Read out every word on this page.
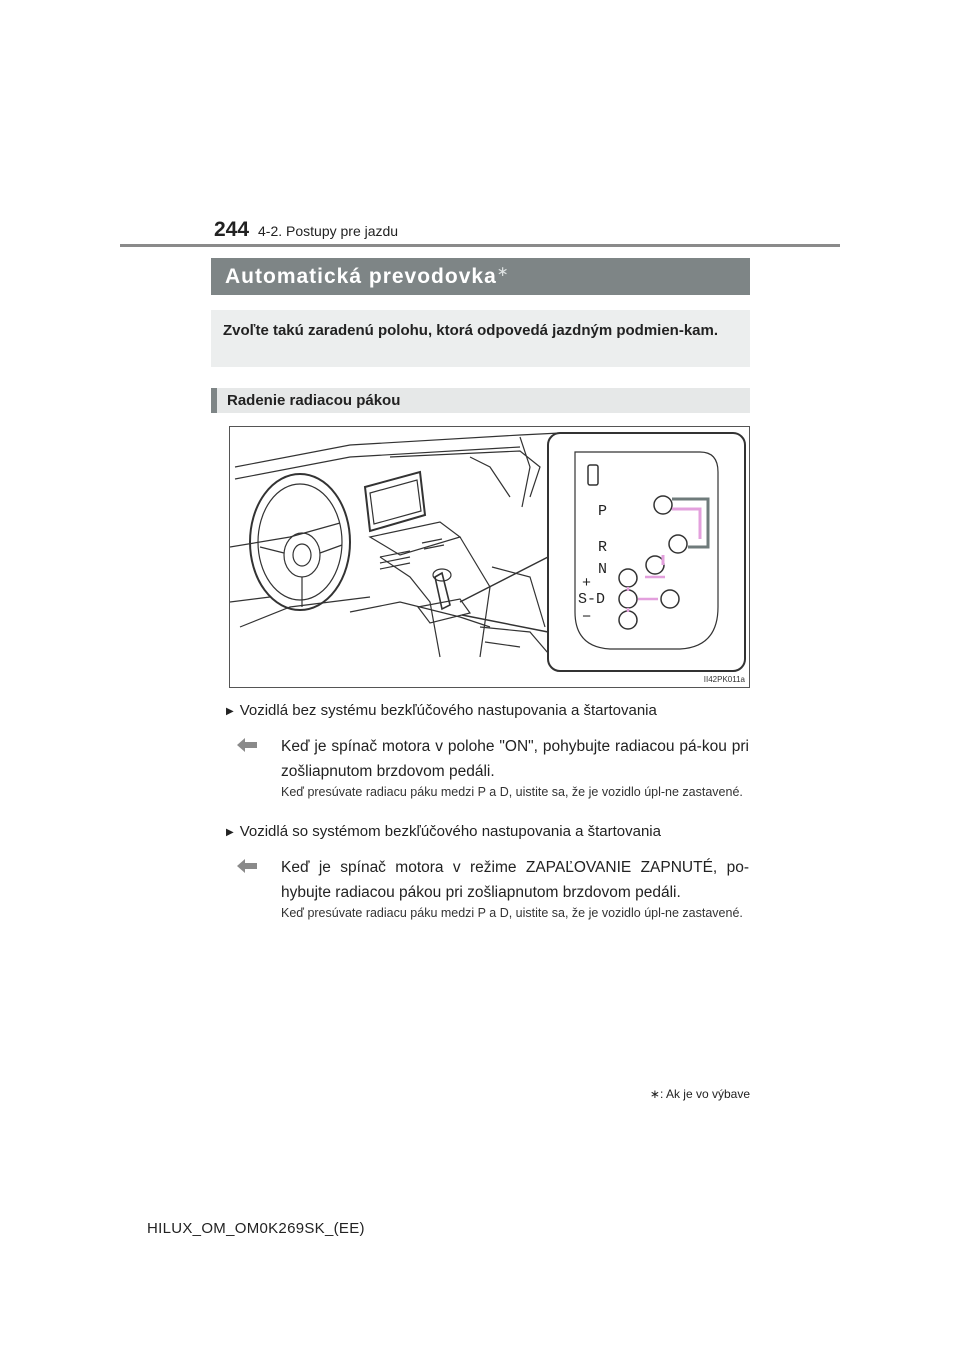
244 4-2. Postupy pre jazdu
Automatická prevodovka ∗
Zvoľte takú zaradenú polohu, ktorá odpovedá jazdným podmien-kam.
Radenie radiacou pákou
P
R
N
+
S-D
−
II42PK011a
▶ Vozidlá bez systému bezkľúčového nastupovania a štartovania
Keď je spínač motora v polohe "ON", pohybujte radiacou pá-kou pri zošliapnutom brzdovom pedáli.
Keď presúvate radiacu páku medzi P a D, uistite sa, že je vozidlo úpl-ne zastavené.
▶ Vozidlá so systémom bezkľúčového nastupovania a štartovania
Keď je spínač motora v režime ZAPAĽOVANIE ZAPNUTÉ, po-hybujte radiacou pákou pri zošliapnutom brzdovom pedáli.
Keď presúvate radiacu páku medzi P a D, uistite sa, že je vozidlo úpl-ne zastavené.
∗: Ak je vo výbave
HILUX_OM_OM0K269SK_(EE)
